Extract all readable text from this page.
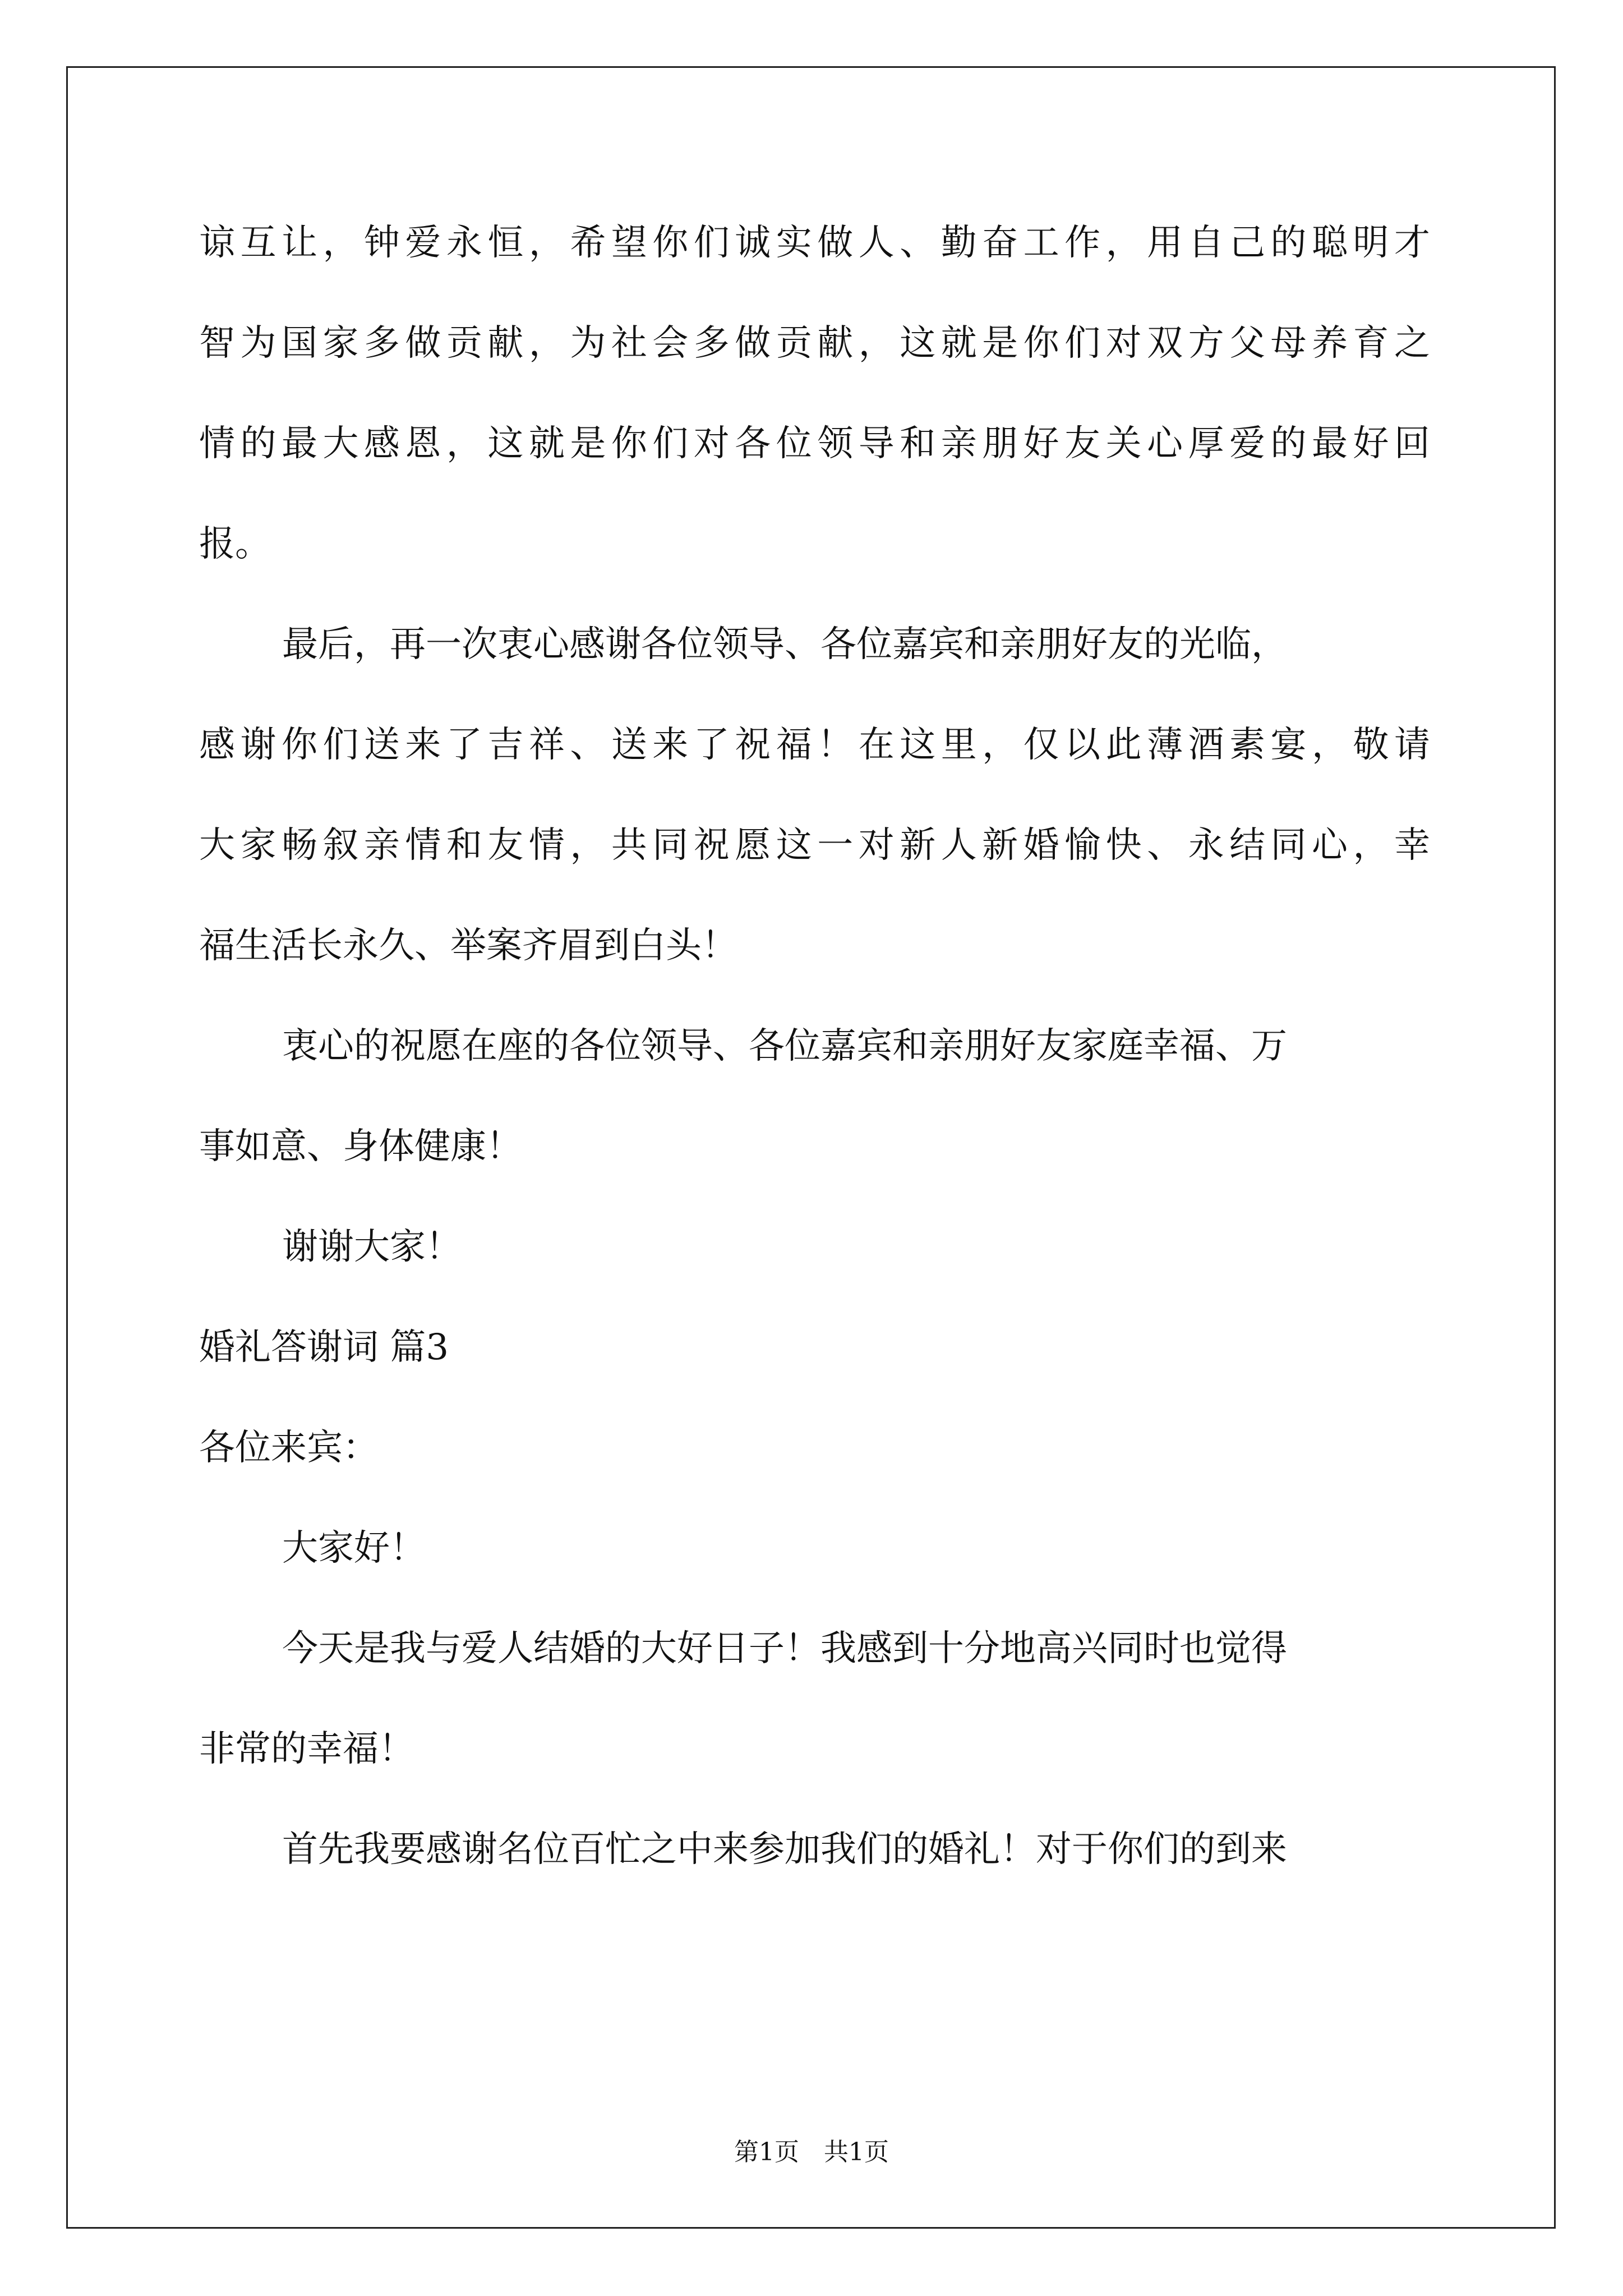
谅互让，钟爱永恒，希望你们诚实做人、勤奋工作，用自己的聪明才
智为国家多做贡献，为社会多做贡献，这就是你们对双方父母养育之
情的最大感恩，这就是你们对各位领导和亲朋好友关心厚爱的最好回
报。
最后，再一次衷心感谢各位领导、各位嘉宾和亲朋好友的光临，
感谢你们送来了吉祥、送来了祝福！在这里，仅以此薄酒素宴，敬请
大家畅叙亲情和友情，共同祝愿这一对新人新婚愉快、永结同心，幸
福生活长永久、举案齐眉到白头！
衷心的祝愿在座的各位领导、各位嘉宾和亲朋好友家庭幸福、万
事如意、身体健康！
谢谢大家！
婚礼答谢词 篇3
各位来宾：
大家好！
今天是我与爱人结婚的大好日子！我感到十分地高兴同时也觉得
非常的幸福！
首先我要感谢名位百忙之中来参加我们的婚礼！对于你们的到来
第1页　共1页
